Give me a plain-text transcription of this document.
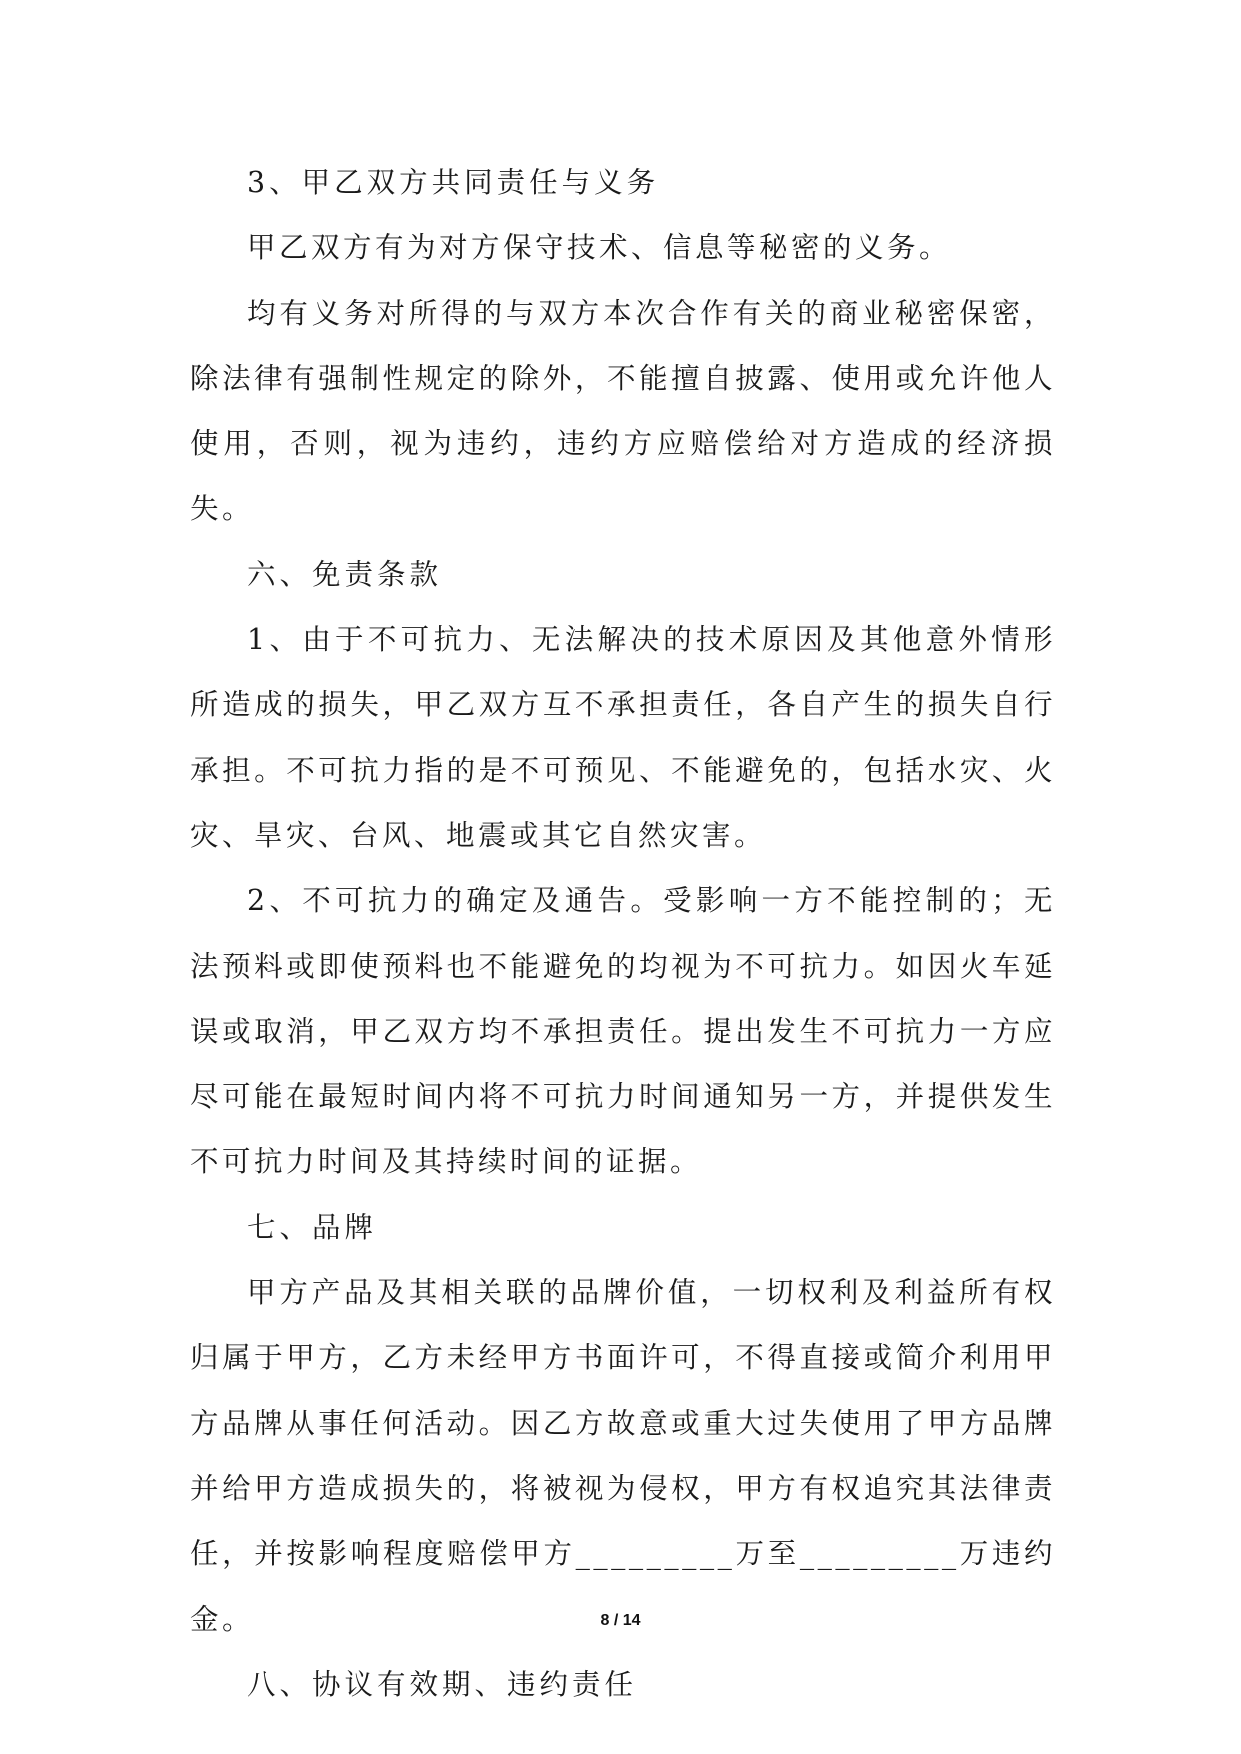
3、甲乙双方共同责任与义务

甲乙双方有为对方保守技术、信息等秘密的义务。

均有义务对所得的与双方本次合作有关的商业秘密保密，除法律有强制性规定的除外，不能擅自披露、使用或允许他人使用，否则，视为违约，违约方应赔偿给对方造成的经济损失。

六、免责条款

1、由于不可抗力、无法解决的技术原因及其他意外情形所造成的损失，甲乙双方互不承担责任，各自产生的损失自行承担。不可抗力指的是不可预见、不能避免的，包括水灾、火灾、旱灾、台风、地震或其它自然灾害。

2、不可抗力的确定及通告。受影响一方不能控制的；无法预料或即使预料也不能避免的均视为不可抗力。如因火车延误或取消，甲乙双方均不承担责任。提出发生不可抗力一方应尽可能在最短时间内将不可抗力时间通知另一方，并提供发生不可抗力时间及其持续时间的证据。

七、品牌

甲方产品及其相关联的品牌价值，一切权利及利益所有权归属于甲方，乙方未经甲方书面许可，不得直接或简介利用甲方品牌从事任何活动。因乙方故意或重大过失使用了甲方品牌并给甲方造成损失的，将被视为侵权，甲方有权追究其法律责任，并按影响程度赔偿甲方_________万至_________万违约金。

八、协议有效期、违约责任

8 / 14
